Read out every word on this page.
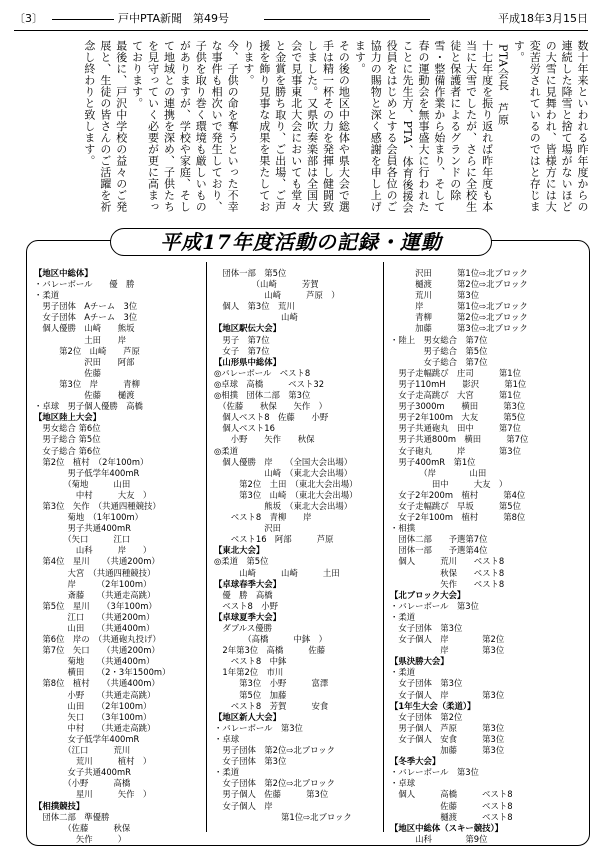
〔3〕	戸中PTA新聞　第49号	平成18年3月15日

数十年来といわれる昨年度からの連続した降雪と捨て場がないほどの大雪に見舞われ、皆様方には大変苦労されているのではと存じます。

PTA会長　芦原

十七年度を振り返れば昨年度も本当に大雪でしたが、さらに全校生徒と保護者によるグランドの除雪・整備作業から始まり、そして春の運動会を無事盛大に行われたことに先生方、PTA、体育後援会役員をはじめとする会員各位のご協力の賜物と深く感謝を申し上げます。

その後の地区中総体や県大会で選手は精一杯その力を発揮し健闘致しました。又県吹奏楽部は全国大会で見事東北大会においても堂々と金賞を勝ち取り、ご出場、ご声援を飾り見事な成果を果たしております。

今、子供の命を奪うといった不幸な事件も相次いで発生しており、子供を取り巻く環境も厳しいものがありますが、学校や家庭、そして地域との連携を深め、子供たちを見守っていく必要が更に高まっております。

最後に、戸沢中学校の益々のご発展と、生徒の皆さんのご活躍を祈念し終わりと致します。

平成17年度活動の記録・運動
【地区中総体】
・バレーボール　　優　勝
・柔道
　男子団体　Aチーム　3位
　女子団体　Aチーム　3位
　個人優勝　山崎　　熊坂
　　　　　　土田　　岸
　　　第2位　山崎　　芦原
　　　　　　沢田　　阿部
　　　　　　佐藤
　　　第3位　岸　　　青柳
　　　　　　佐藤　　樋渡
・卓球　男子個人優勝　高橋
【地区陸上大会】
　男女総合 第6位
　男子総合 第5位
　女子総合 第6位
　第2位　植村　（2年100m）
　　　　男子低学年400mR
　　　　（菊地　　　山田
　　　　　中村　　　大友　）
　第3位　矢作　（共通四種競技）
　　　　菊地　（1年100m）
　　　　男子共通400mR
　　　　（矢口　　　江口
　　　　　山科　　　岸　　）
　第4位　星川　　（共通200m）
　　　　大宮　（共通四種競技）
　　　　岸　　　（2年100m）
　　　　斎藤　　（共通走高跳）
　第5位　星川　　（3年100m）
　　　　江口　　（共通200m）
　　　　山田　　（共通400m）
　第6位　岸の　（共通砲丸投げ）
　第7位　矢口　　（共通200m）
　　　　菊地　　（共通400m）
　　　　横田　　（2・3年1500m）
　第8位　植村　　（共通400m）
　　　　小野　　（共通走高跳）
　　　　山田　　（2年100m）
　　　　矢口　　（3年100m）
　　　　中村　　（共通走高跳）
　　　　女子低学年400mR
　　　　（江口　　　荒川
　　　　　荒川　　　植村　）
　　　　女子共通400mR
　　　　（小野　　　高橋
　　　　　星川　　　矢作　）
【相撲競技】
　団体二部　準優勝
　　　　（佐藤　　　秋保
　　　　　矢作　　　）
　団体一部　第5位
　　　　　（山崎　　　芳賀
　　　　　　山崎　　　芦原　）
　個人　第3位　荒川
　　　　　　　　山崎
【地区駅伝大会】
　男子　第7位
　女子　第7位
【山形県中総体】
◎バレーボール　ベスト8
◎卓球　高橋　　　ベスト32
◎相撲　団体二部　第3位
　（佐藤　　秋保　　矢作　）
　個人ベスト8　佐藤　　小野
　個人ベスト16
　　小野　　矢作　　秋保
◎柔道
　個人優勝　岸　　（全国大会出場）
　　　　　　山崎　（東北大会出場）
　　　第2位　土田　（東北大会出場）
　　　第3位　山崎　（東北大会出場）
　　　　　　熊坂　（東北大会出場）
　　ベスト8　青柳　　岸
　　　　　　沢田
　　ベスト16　阿部　　　芦原
【東北大会】
◎柔道　第5位
　　　山崎　　　山崎　　　土田
【卓球春季大会】
　優　勝　高橋
　ベスト8　小野
【卓球夏季大会】
　ダブルス優勝
　　　　（高橋　　　中鉢　）
　2年第3位　高橋　　　佐藤
　　ベスト8　中鉢
　1年第2位　市川
　　　第3位　小野　　　富澤
　　　第5位　加藤
　　ベスト8　芳賀　　　安食
【地区新人大会】
・バレーボール　第3位
・卓球
　男子団体　第2位⇨北ブロック
　女子団体　第3位
・柔道
　女子団体　第2位⇨北ブロック
　男子個人　佐藤　　　第3位
　女子個人　岸
　　　　　　　　第1位⇨北ブロック
　　　沢田　　　第1位⇨北ブロック
　　　樋渡　　　第2位⇨北ブロック
　　　荒川　　　第3位
　　　岸　　　　第1位⇨北ブロック
　　　青柳　　　第2位⇨北ブロック
　　　加藤　　　第3位⇨北ブロック
・陸上　男女総合　第7位
　　　　男子総合　第5位
　　　　女子総合　第7位
　男子走幅跳び　庄司　　　第1位
　男子110mH　　影沢　　　第1位
　女子走高跳び　大宮　　　第1位
　男子3000m　　横田　　　第3位
　男子2年100m　大友　　　第5位
　男子共通砲丸　田中　　　第7位
　男子共通800m　横田　　　第7位
　女子砲丸　　　岸　　　　第3位
　男子400mR　第1位
　　　　（岸　　　　山田
　　　　　田中　　　大友　）
　女子2年200m　植村　　　第4位
　女子走幅跳び　早坂　　　第5位
　女子2年100m　植村　　　第8位
・相撲
　団体二部　　予選第7位
　団体一部　　予選第4位
　個人　　　荒川　　ベスト8
　　　　　　秋保　　ベスト8
　　　　　　矢作　　ベスト8
【北ブロック大会】
・バレーボール　第3位
・柔道
　女子団体　第3位
　女子個人　岸　　　　第2位
　　　　　　岸　　　　第3位
【県決勝大会】
・柔道
　女子団体　第3位
　女子個人　岸　　　　第3位
【1年生大会（柔道）】
　女子団体　第2位
　男子個人　芦原　　　第3位
　女子個人　安食　　　第3位
　　　　　　加藤　　　第3位
【冬季大会】
・バレーボール　第3位
・卓球
　個人　　　高橋　　　ベスト8
　　　　　　佐藤　　　ベスト8
　　　　　　樋渡　　　ベスト8
【地区中総体（スキー競技）】
　　　山科　　　　第9位
